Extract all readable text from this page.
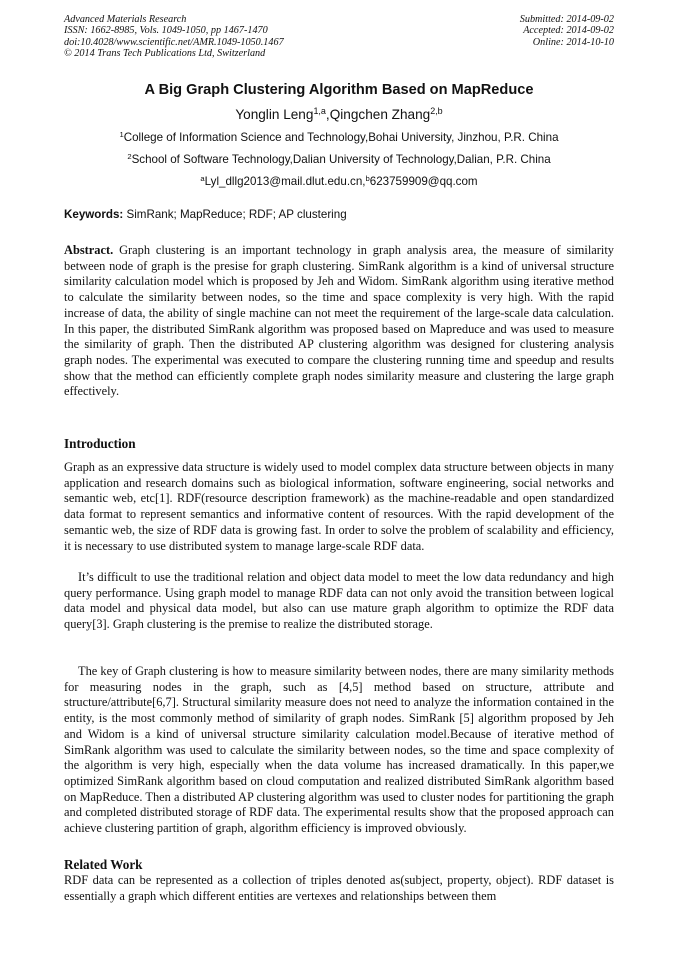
Advanced Materials Research
ISSN: 1662-8985, Vols. 1049-1050, pp 1467-1470
doi:10.4028/www.scientific.net/AMR.1049-1050.1467
© 2014 Trans Tech Publications Ltd, Switzerland
Submitted: 2014-09-02
Accepted: 2014-09-02
Online: 2014-10-10
A Big Graph Clustering Algorithm Based on MapReduce
Yonglin Leng$^{1,a}$,Qingchen Zhang$^{2,b}$
$^1$College of Information Science and Technology,Bohai University, Jinzhou, P.R. China
$^2$School of Software Technology,Dalian University of Technology,Dalian, P.R. China
$^a$Lyl_dllg2013@mail.dlut.edu.cn,$^b$623759909@qq.com
Keywords: SimRank; MapReduce; RDF; AP clustering

Abstract. Graph clustering is an important technology in graph analysis area, the measure of similarity between node of graph is the presise for graph clustering. SimRank algorithm is a kind of universal structure similarity calculation model which is proposed by Jeh and Widom. SimRank algorithm using iterative method to calculate the similarity between nodes, so the time and space complexity is very high. With the rapid increase of data, the ability of single machine can not meet the requirement of the large-scale data calculation. In this paper, the distributed SimRank algorithm was proposed based on Mapreduce and was used to measure the similarity of graph. Then the distributed AP clustering algorithm was designed for clustering analysis graph nodes. The experimental was executed to compare the clustering running time and speedup and results show that the method can efficiently complete graph nodes similarity measure and clustering the large graph effectively.

Introduction

Graph as an expressive data structure is widely used to model complex data structure between objects in many application and research domains such as biological information, software engineering, social networks and semantic web, etc[1]. RDF(resource description framework) as the machine-readable and open standardized data format to represent semantics and informative content of resources. With the rapid development of the semantic web, the size of RDF data is growing fast. In order to solve the problem of scalability and efficiency, it is necessary to use distributed system to manage large-scale RDF data.

It’s difficult to use the traditional relation and object data model to meet the low data redundancy and high query performance. Using graph model to manage RDF data can not only avoid the transition between logical data model and physical data model, but also can use mature graph algorithm to optimize the RDF data query[3]. Graph clustering is the premise to realize the distributed storage.

The key of Graph clustering is how to measure similarity between nodes, there are many similarity methods for measuring nodes in the graph, such as [4,5] method based on structure, attribute and structure/attribute[6,7]. Structural similarity measure does not need to analyze the information contained in the entity, is the most commonly method of similarity of graph nodes. SimRank [5] algorithm proposed by Jeh and Widom is a kind of universal structure similarity calculation model.Because of iterative method of SimRank algorithm was used to calculate the similarity between nodes, so the time and space complexity of the algorithm is very high, especially when the data volume has increased dramatically. In this paper,we optimized SimRank algorithm based on cloud computation and realized distributed SimRank algorithm based on MapReduce. Then a distributed AP clustering algorithm was used to cluster nodes for partitioning the graph and completed distributed storage of RDF data. The experimental results show that the proposed approach can achieve clustering partition of graph, algorithm efficiency is improved obviously.

Related Work

RDF data can be represented as a collection of triples denoted as(subject, property, object). RDF dataset is essentially a graph which different entities are vertexes and relationships between them
